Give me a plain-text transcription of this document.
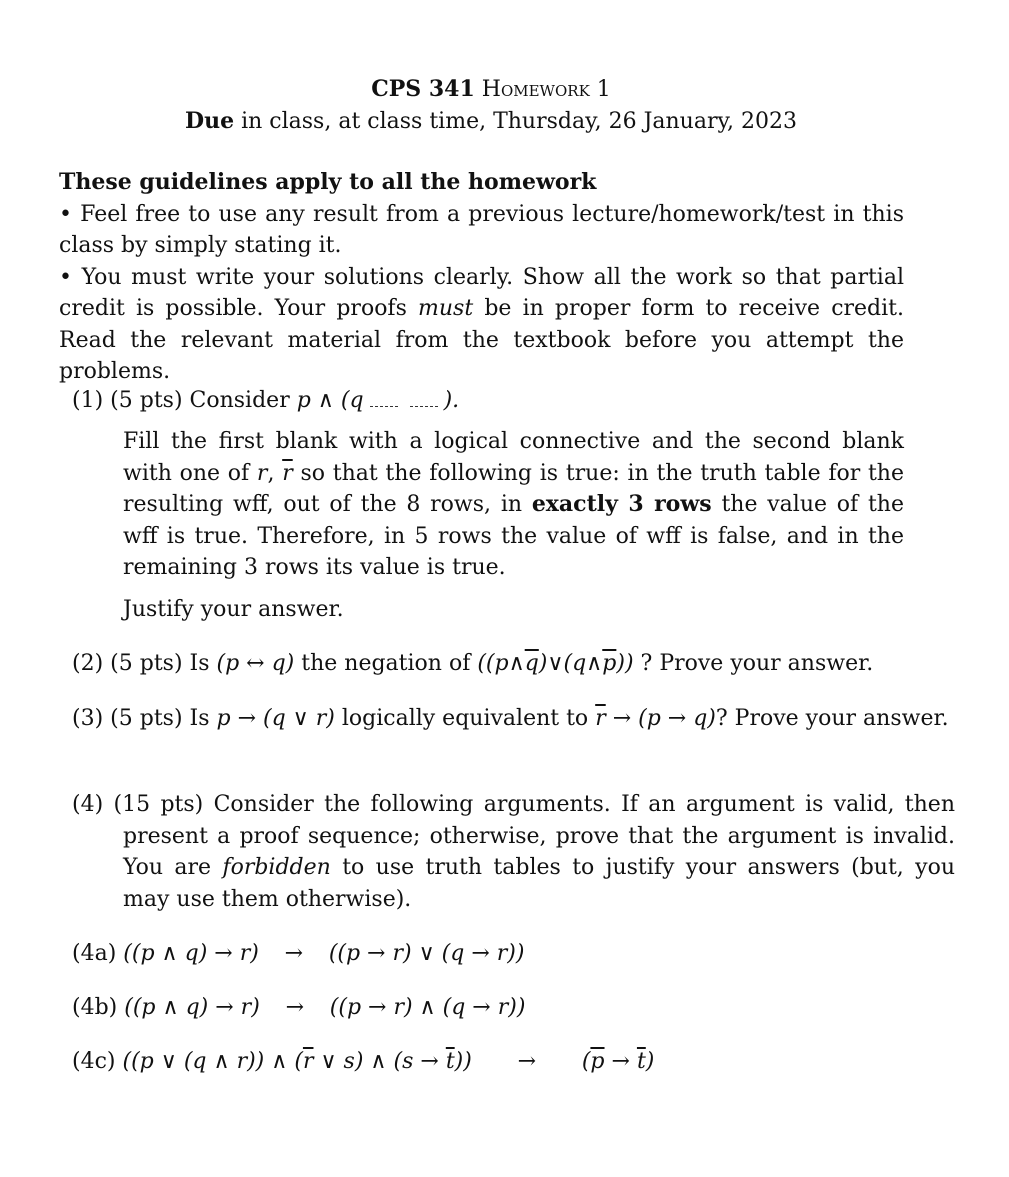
CPS 341 Homework 1
Due in class, at class time, Thursday, 26 January, 2023
These guidelines apply to all the homework
• Feel free to use any result from a previous lecture/homework/test in this class by simply stating it.
• You must write your solutions clearly. Show all the work so that partial credit is possible. Your proofs must be in proper form to receive credit. Read the relevant material from the textbook before you attempt the problems.
(1) (5 pts) Consider p ∧ (q	).
Fill the first blank with a logical connective and the second blank with one of r, $\overline{r}$ so that the following is true: in the truth table for the resulting wff, out of the 8 rows, in exactly 3 rows the value of the wff is true. Therefore, in 5 rows the value of wff is false, and in the remaining 3 rows its value is true.
Justify your answer.
(2) (5 pts) Is (p ↔ q) the negation of $((p\wedge\overline{q})\vee(q\wedge\overline{p}))$ ? Prove your answer.
(3) (5 pts) Is p → (q ∨ r) logically equivalent to $\overline{r} \to (p \to q)$? Prove your answer.
(4) (15 pts) Consider the following arguments. If an argument is valid, then present a proof sequence; otherwise, prove that the argument is invalid. You are forbidden to use truth tables to justify your answers (but, you may use them otherwise).
(4a) ((p ∧ q) → r) → ((p → r) ∨ (q → r))
(4b) ((p ∧ q) → r) → ((p → r) ∧ (q → r))
(4c) ((p ∨ (q ∧ r)) ∧ ($\overline{r}$ ∨ s) ∧ $(s \to \overline{t})) \to (\overline{p} \to \overline{t})$
